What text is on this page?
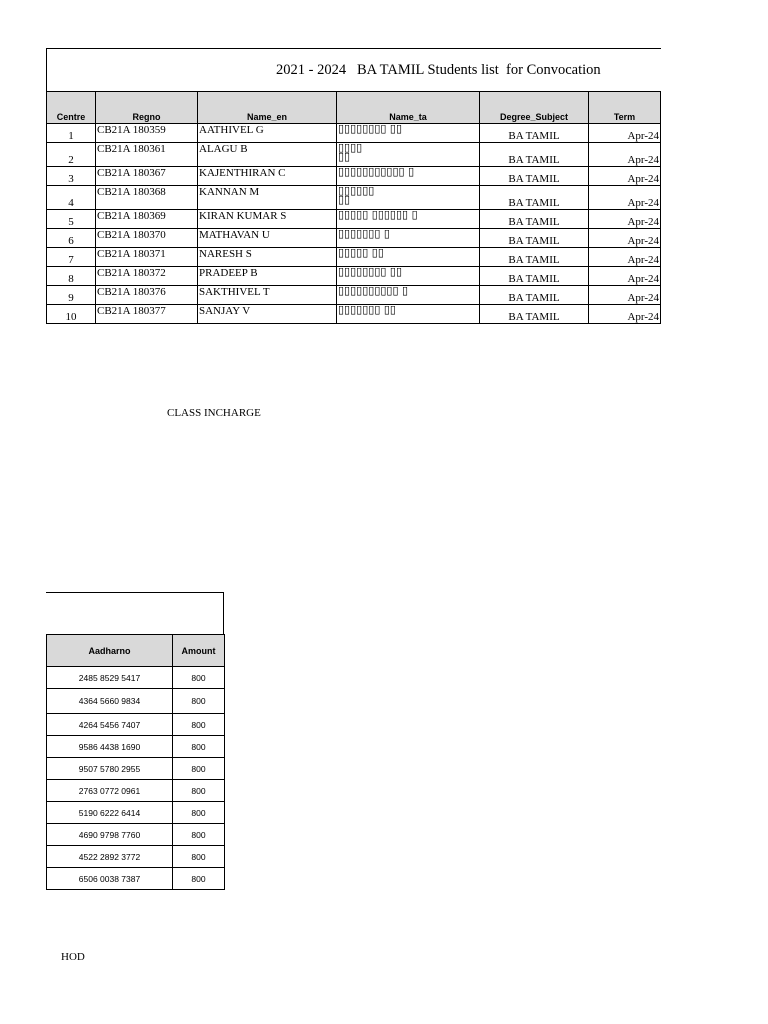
2021 - 2024   BA TAMIL Students list  for Convocation
Centre	Regno	Name_en	Name_ta	Degree_Subject	Term
1	CB21A 180359	AATHIVEL G	▯▯▯▯▯▯▯▯ ▯▯	BA TAMIL	Apr-24
2	CB21A 180361	ALAGU B	▯▯▯▯
▯▯	BA TAMIL	Apr-24
3	CB21A 180367	KAJENTHIRAN C	▯▯▯▯▯▯▯▯▯▯▯ ▯	BA TAMIL	Apr-24
4	CB21A 180368	KANNAN M	▯▯▯▯▯▯
▯▯	BA TAMIL	Apr-24
5	CB21A 180369	KIRAN KUMAR S	▯▯▯▯▯ ▯▯▯▯▯▯ ▯	BA TAMIL	Apr-24
6	CB21A 180370	MATHAVAN U	▯▯▯▯▯▯▯ ▯	BA TAMIL	Apr-24
7	CB21A 180371	NARESH S	▯▯▯▯▯ ▯▯	BA TAMIL	Apr-24
8	CB21A 180372	PRADEEP B	▯▯▯▯▯▯▯▯ ▯▯	BA TAMIL	Apr-24
9	CB21A 180376	SAKTHIVEL T	▯▯▯▯▯▯▯▯▯▯ ▯	BA TAMIL	Apr-24
10	CB21A 180377	SANJAY V	▯▯▯▯▯▯▯ ▯▯	BA TAMIL	Apr-24
CLASS INCHARGE
Aadharno	Amount
2485 8529 5417	800
4364 5660 9834	800
4264 5456 7407	800
9586 4438 1690	800
9507 5780 2955	800
2763 0772 0961	800
5190 6222 6414	800
4690 9798 7760	800
4522 2892 3772	800
6506 0038 7387	800
HOD
